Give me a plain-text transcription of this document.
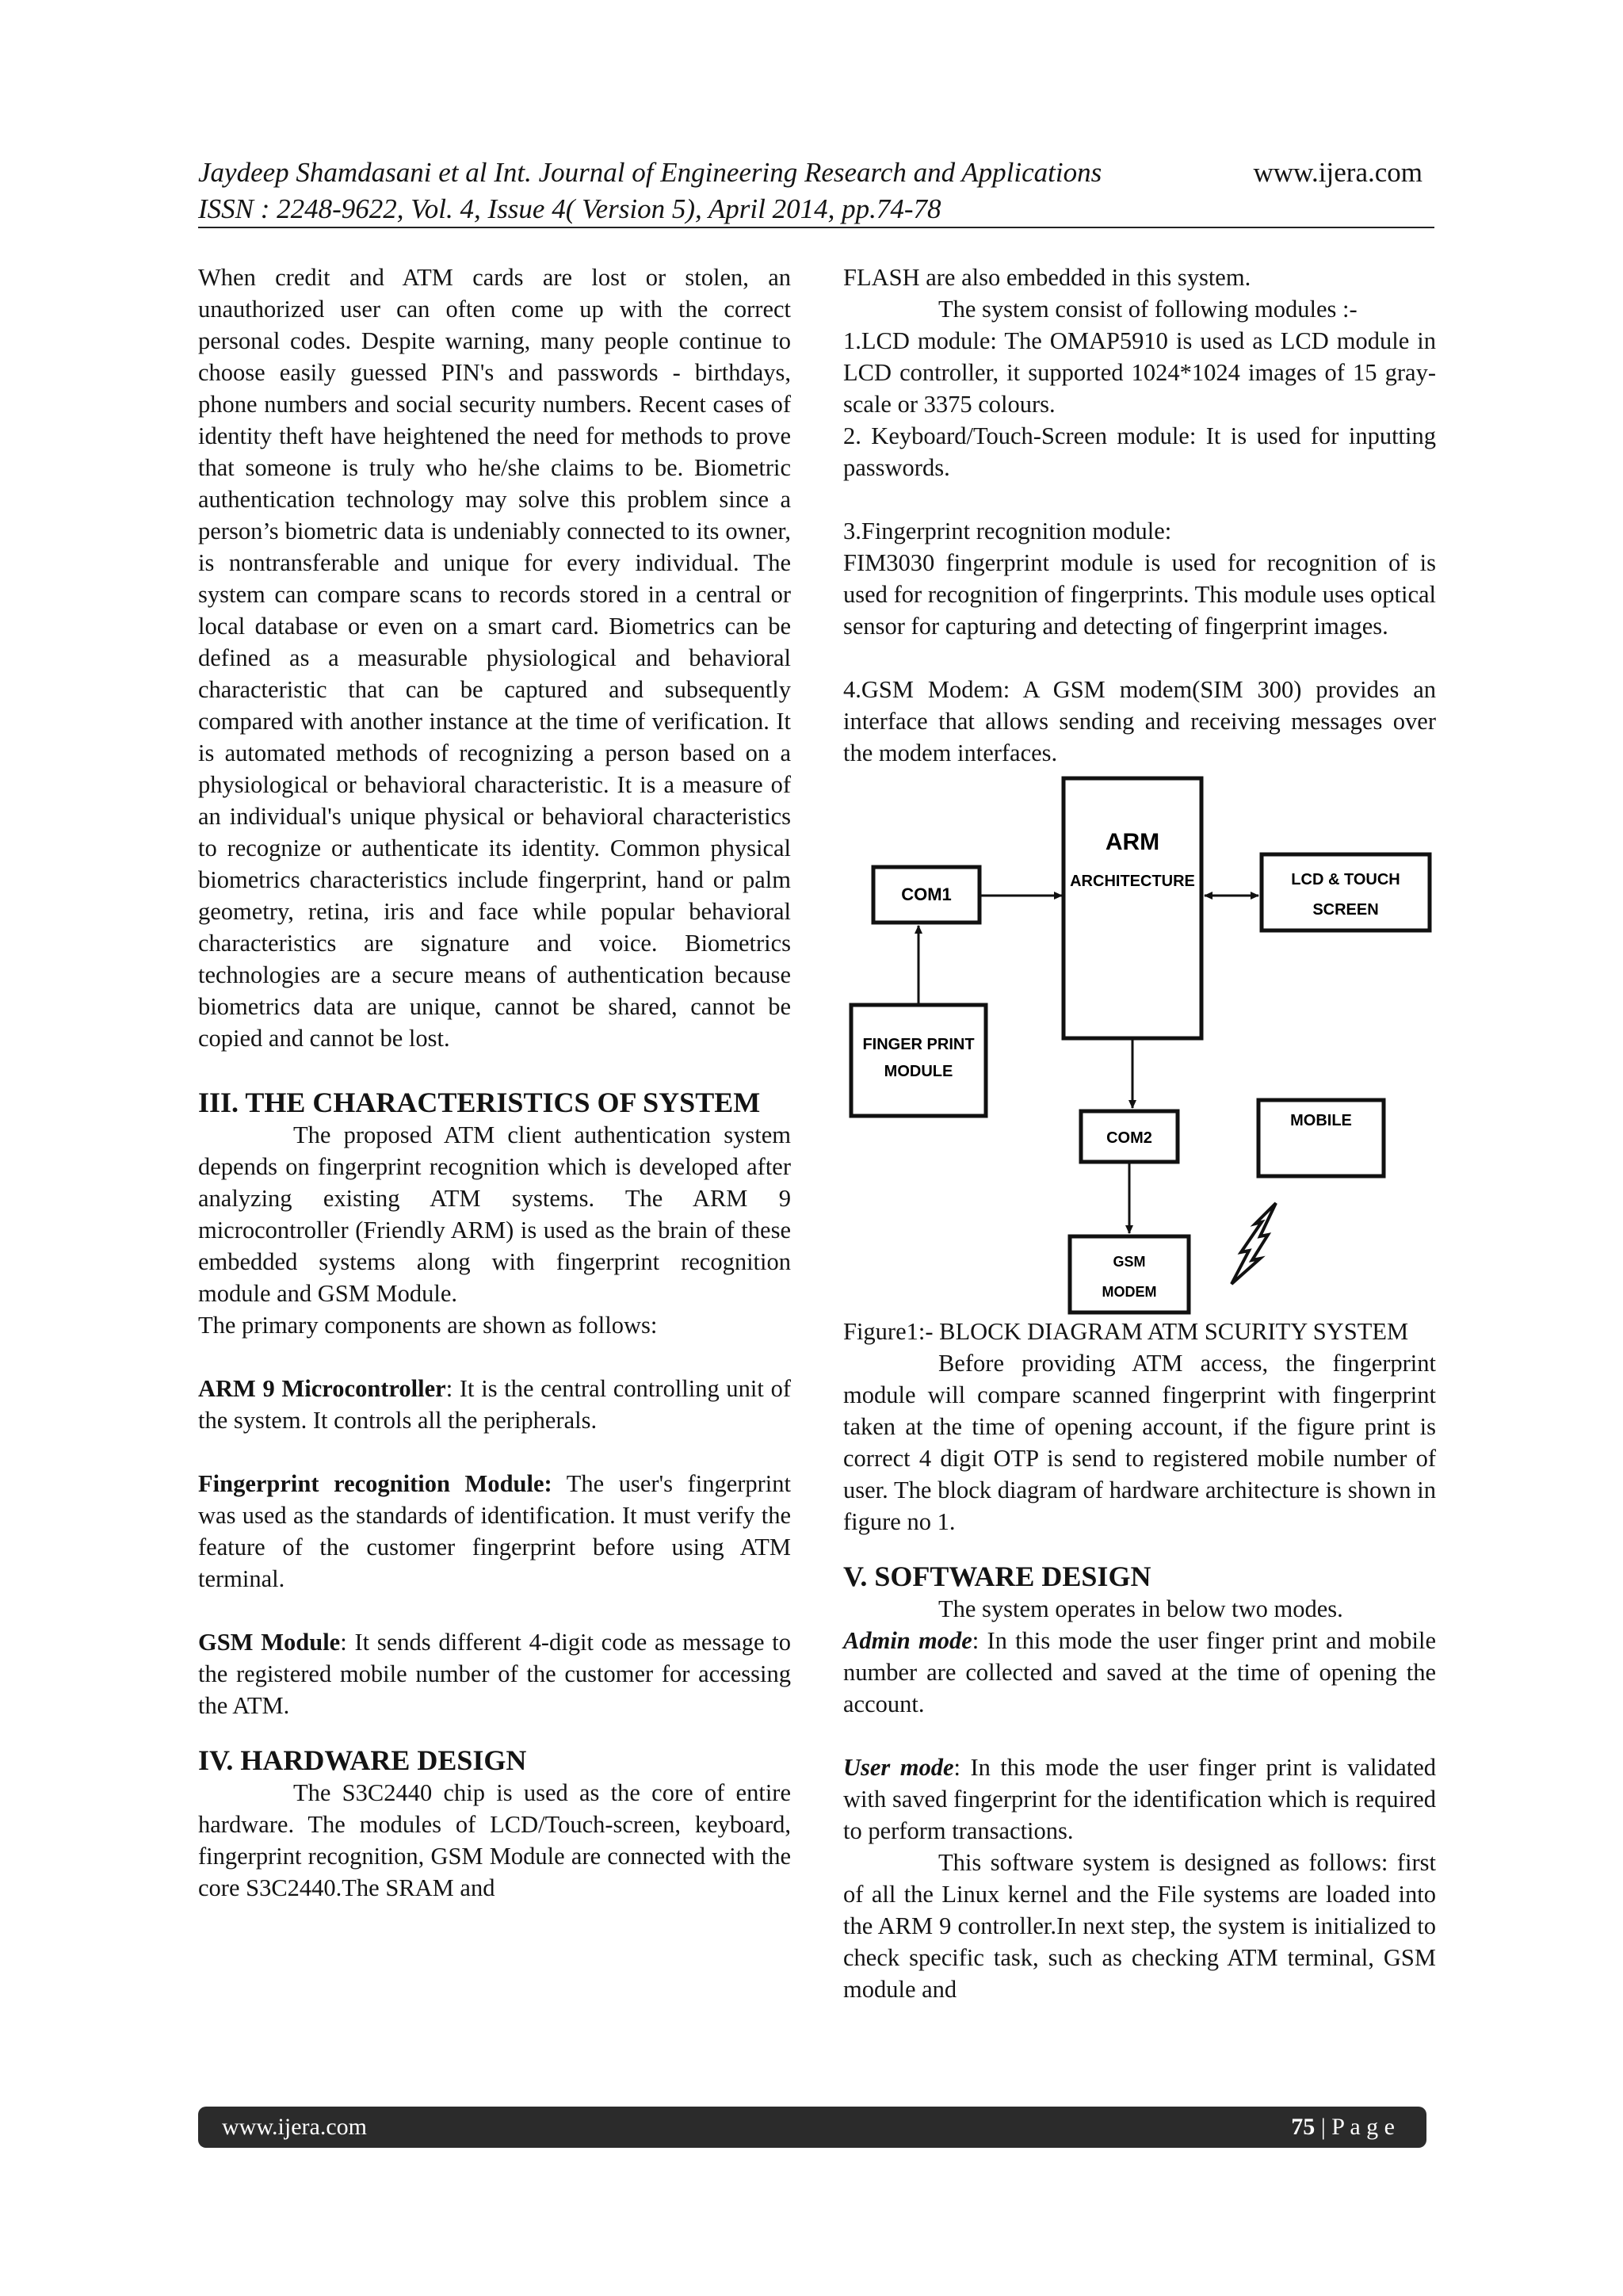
Jaydeep Shamdasani et al Int. Journal of Engineering Research and Applications	www.ijera.com
ISSN : 2248-9622, Vol. 4, Issue 4( Version 5), April 2014, pp.74-78

When credit and ATM cards are lost or stolen, an unauthorized user can often come up with the correct personal codes. Despite warning, many people continue to choose easily guessed PIN's and passwords - birthdays, phone numbers and social security numbers. Recent cases of identity theft have heightened the need for methods to prove that someone is truly who he/she claims to be. Biometric authentication technology may solve this problem since a person’s biometric data is undeniably connected to its owner, is nontransferable and unique for every individual. The system can compare scans to records stored in a central or local database or even on a smart card. Biometrics can be defined as a measurable physiological and behavioral characteristic that can be captured and subsequently compared with another instance at the time of verification. It is automated methods of recognizing a person based on a physiological or behavioral characteristic. It is a measure of an individual's unique physical or behavioral characteristics to recognize or authenticate its identity. Common physical biometrics characteristics include fingerprint, hand or palm geometry, retina, iris and face while popular behavioral characteristics are signature and voice. Biometrics technologies are a secure means of authentication because biometrics data are unique, cannot be shared, cannot be copied and cannot be lost.

III. THE CHARACTERISTICS OF SYSTEM

The proposed ATM client authentication system depends on fingerprint recognition which is developed after analyzing existing ATM systems. The ARM 9 microcontroller (Friendly ARM) is used as the brain of these embedded systems along with fingerprint recognition module and GSM Module.

The primary components are shown as follows:

ARM 9 Microcontroller: It is the central controlling unit of the system. It controls all the peripherals.

Fingerprint recognition Module: The user's fingerprint was used as the standards of identification. It must verify the feature of the customer fingerprint before using ATM terminal.

GSM Module: It sends different 4-digit code as message to the registered mobile number of the customer for accessing the ATM.

IV. HARDWARE DESIGN

The S3C2440 chip is used as the core of entire hardware. The modules of LCD/Touch-screen, keyboard, fingerprint recognition, GSM Module are connected with the core S3C2440.The SRAM and

FLASH are also embedded in this system.

The system consist of following modules :-

1.LCD module: The OMAP5910 is used as LCD module in LCD controller, it supported 1024*1024 images of 15 gray-scale or 3375 colours.

2. Keyboard/Touch-Screen module: It is used for inputting passwords.

3.Fingerprint recognition module:

FIM3030 fingerprint module is used for recognition of is used for recognition of fingerprints. This module uses optical sensor for capturing and detecting of fingerprint images.

4.GSM Modem: A GSM modem(SIM 300) provides an interface that allows sending and receiving messages over the modem interfaces.

ARM
ARCHITECTURE
COM1
LCD & TOUCH
SCREEN
FINGER PRINT
MODULE
COM2
MOBILE
GSM
MODEM

Figure1:- BLOCK DIAGRAM ATM SCURITY SYSTEM

Before providing ATM access, the fingerprint module will compare scanned fingerprint with fingerprint taken at the time of opening account, if the figure print is correct 4 digit OTP is send to registered mobile number of user. The block diagram of hardware architecture is shown in figure no 1.

V. SOFTWARE DESIGN

The system operates in below two modes.

Admin mode: In this mode the user finger print and mobile number are collected and saved at the time of opening the account.

User mode: In this mode the user finger print is validated with saved fingerprint for the identification which is required to perform transactions.

This software system is designed as follows: first of all the Linux kernel and the File systems are loaded into the ARM 9 controller.In next step, the system is initialized to check specific task, such as checking ATM terminal, GSM module and

www.ijera.com	75 | P a g e
